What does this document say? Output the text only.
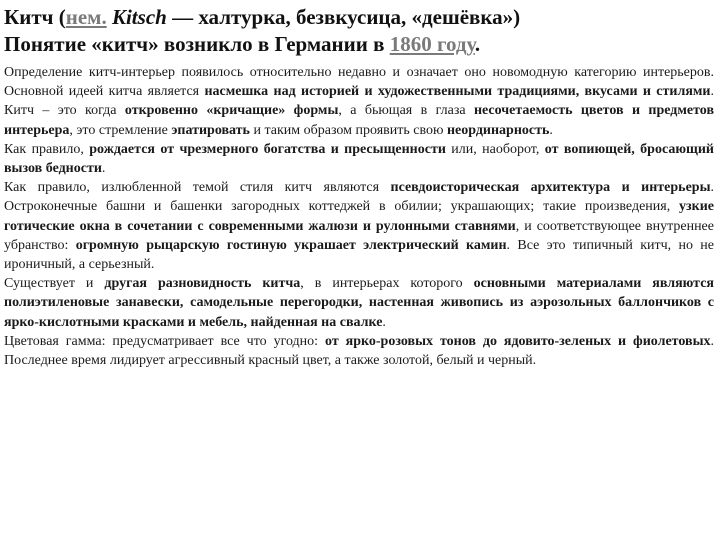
Китч (нем. Kitsch — халтурка, безвкусица, «дешёвка»)
Понятие «китч» возникло в Германии в 1860 году.

Определение китч-интерьер появилось относительно недавно и означает оно новомодную категорию интерьеров. Основной идеей китча является насмешка над историей и художественными традициями, вкусами и стилями. Китч – это когда откровенно «кричащие» формы, а бьющая в глаза несочетаемость цветов и предметов интерьера, это стремление эпатировать и таким образом проявить свою неординарность.

Как правило, рождается от чрезмерного богатства и пресыщенности или, наоборот, от вопиющей, бросающий вызов бедности.

Как правило, излюбленной темой стиля китч являются псевдоисторическая архитектура и интерьеры. Остроконечные башни и башенки загородных коттеджей в обилии; украшающих; такие произведения, узкие готические окна в сочетании с современными жалюзи и рулонными ставнями, и соответствующее внутреннее убранство: огромную рыцарскую гостиную украшает электрический камин. Все это типичный китч, но не ироничный, а серьезный.

Существует и другая разновидность китча, в интерьерах которого основными материалами являются полиэтиленовые занавески, самодельные перегородки, настенная живопись из аэрозольных баллончиков с ярко-кислотными красками и мебель, найденная на свалке.

Цветовая гамма: предусматривает все что угодно: от ярко-розовых тонов до ядовито-зеленых и фиолетовых. Последнее время лидирует агрессивный красный цвет, а также золотой, белый и черный.
